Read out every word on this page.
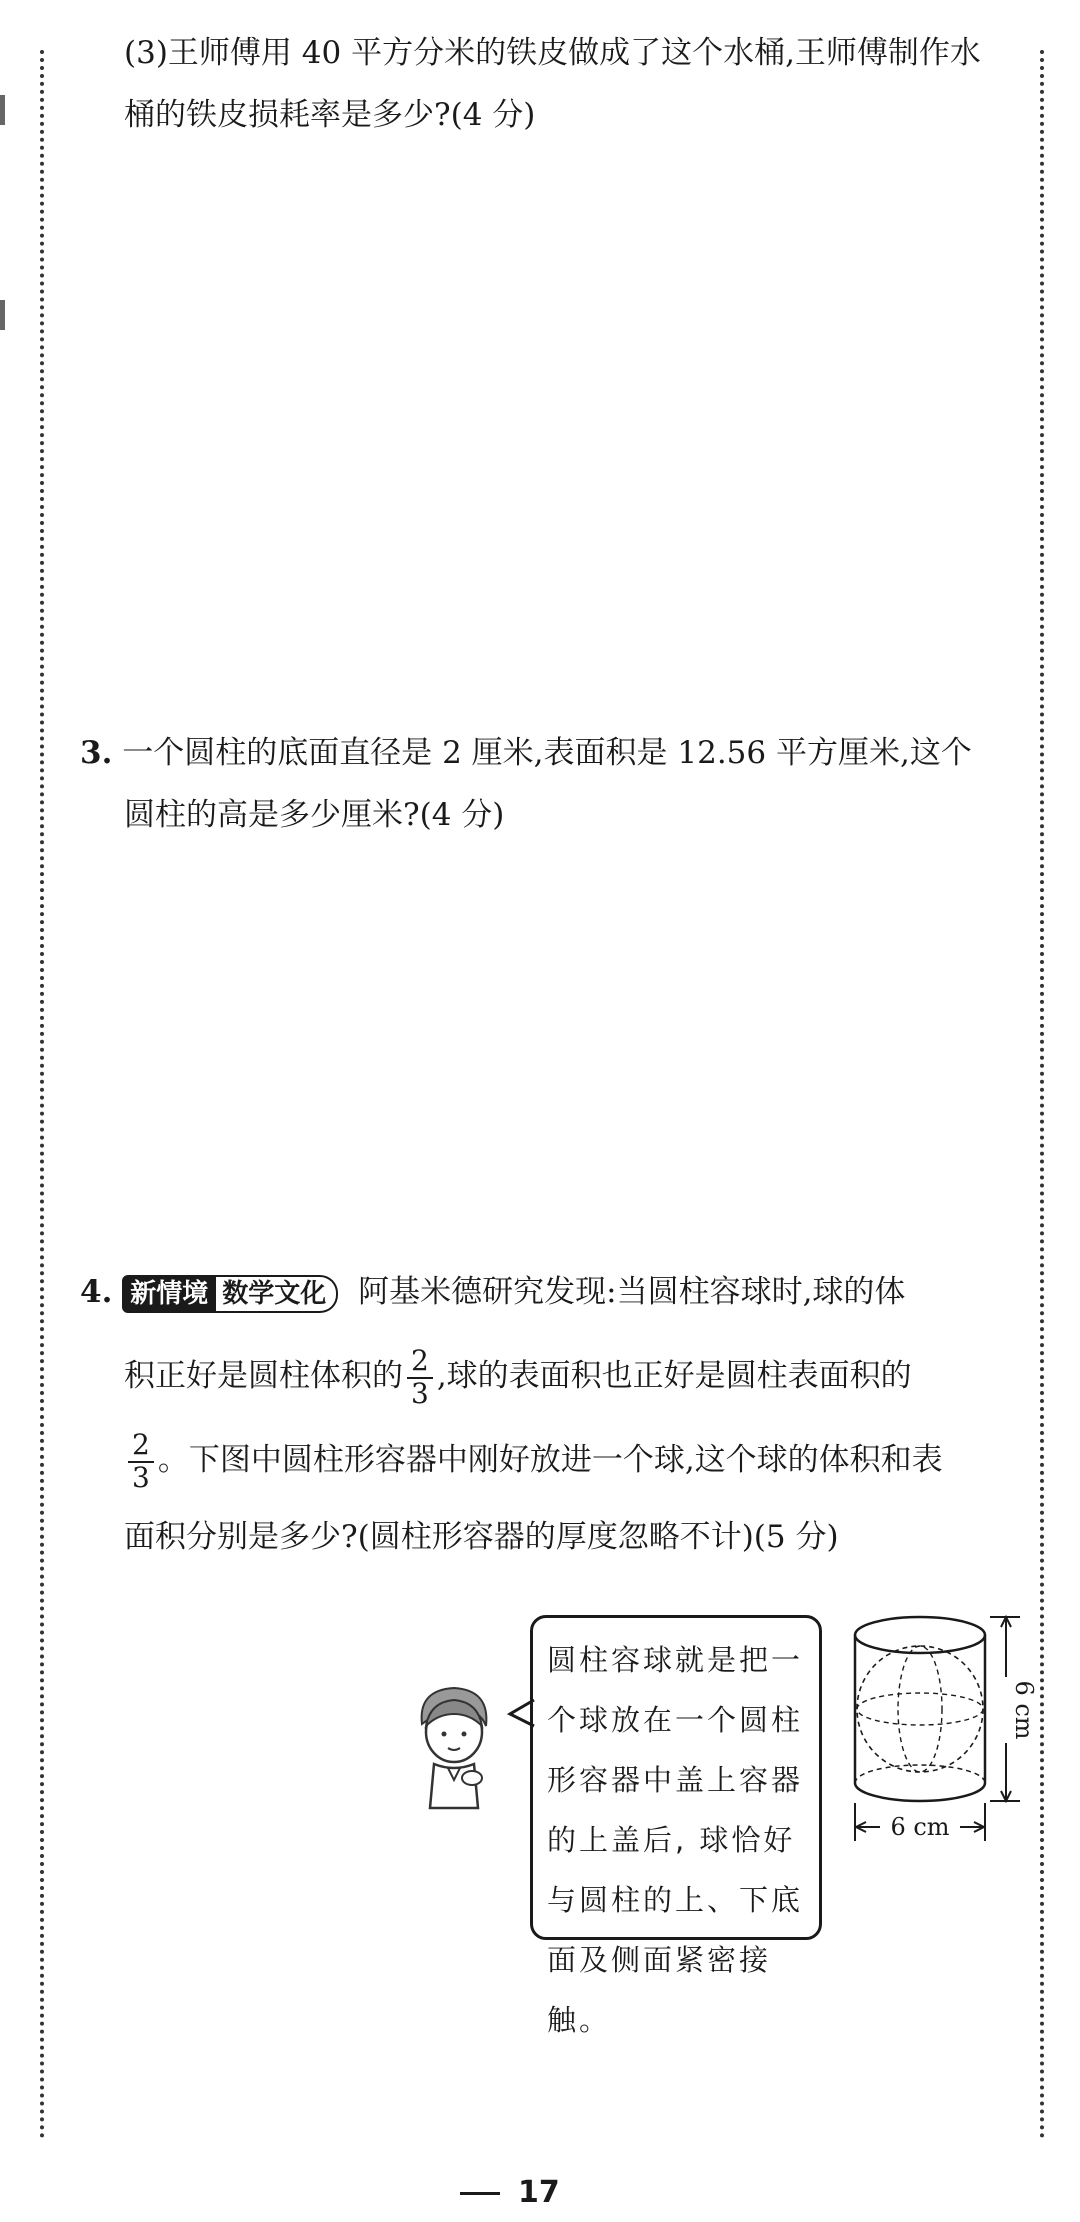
(3)王师傅用 40 平方分米的铁皮做成了这个水桶,王师傅制作水
桶的铁皮损耗率是多少?(4 分)
3. 一个圆柱的底面直径是 2 厘米,表面积是 12.56 平方厘米,这个
圆柱的高是多少厘米?(4 分)
4. 新情境 数学文化 阿基米德研究发现:当圆柱容球时,球的体
积正好是圆柱体积的 $\frac{2}{3}$ ,球的表面积也正好是圆柱表面积的
$\frac{2}{3}$ 。下图中圆柱形容器中刚好放进一个球,这个球的体积和表
面积分别是多少?(圆柱形容器的厚度忽略不计)(5 分)
圆柱容球就是把一
个球放在一个圆柱
形容器中盖上容器
的上盖后, 球恰好
与圆柱的上、下底
面及侧面紧密接触。
6 cm
6 cm
17
